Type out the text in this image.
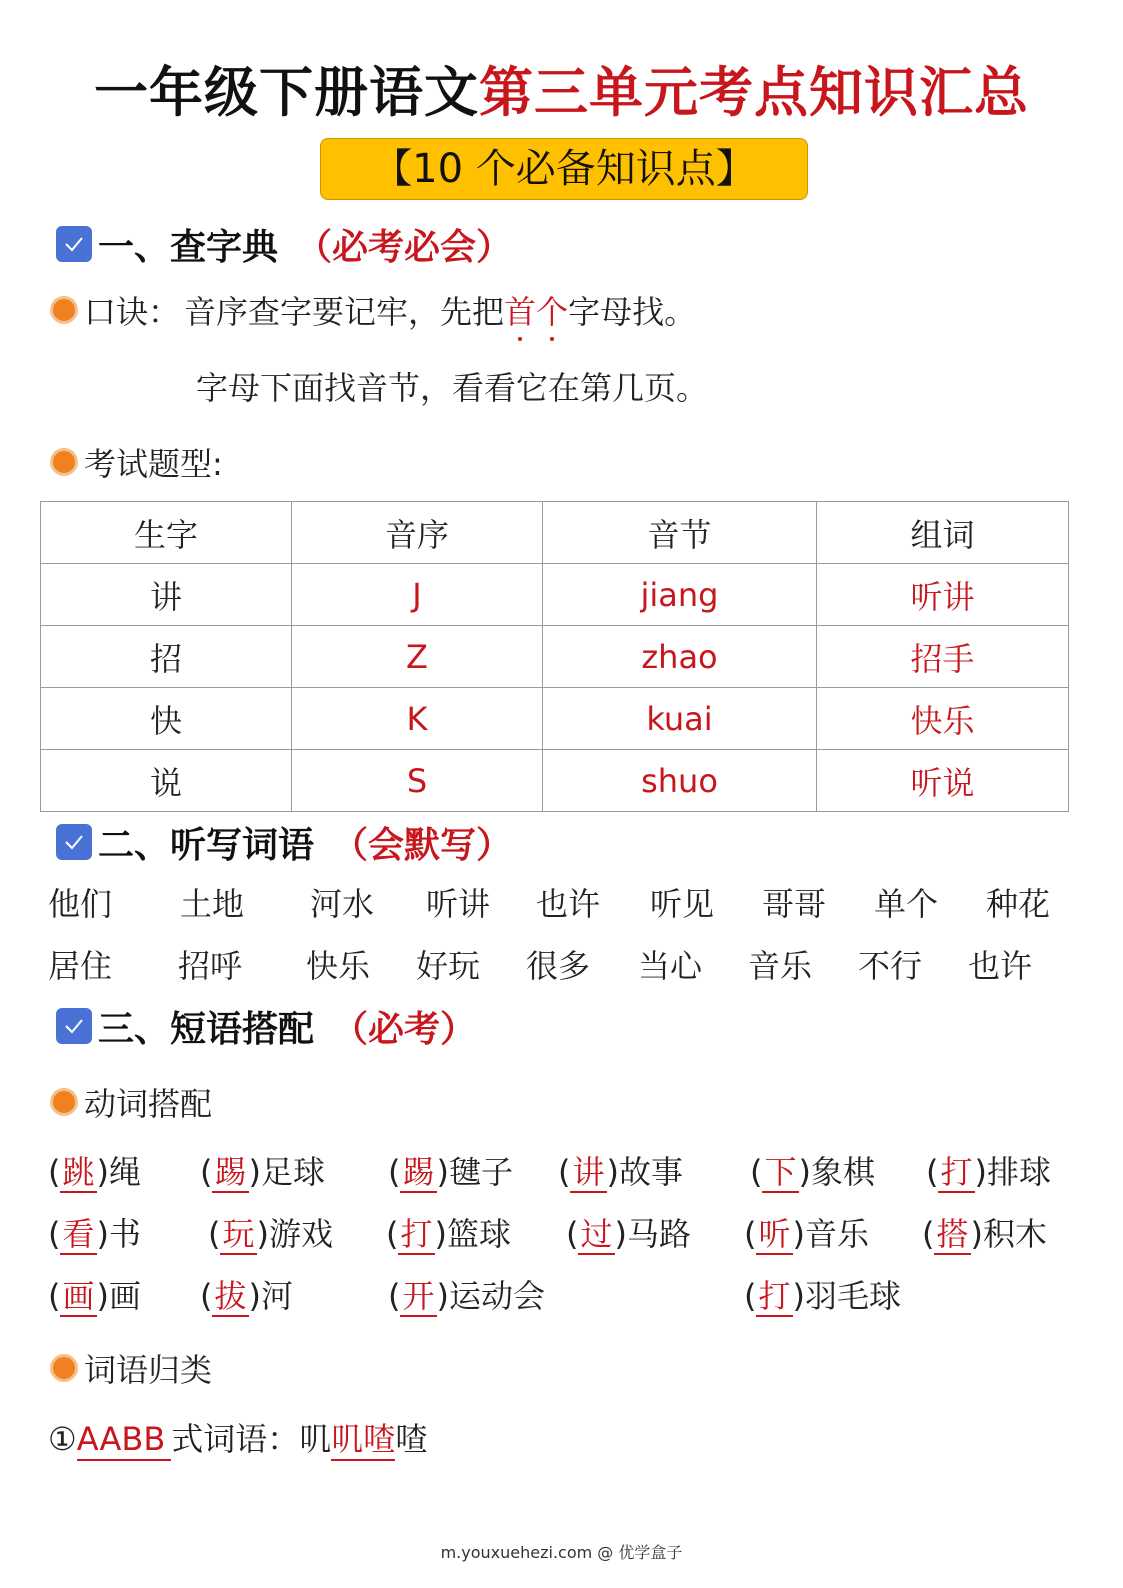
一年级下册语文第三单元考点知识汇总
【10 个必备知识点】
一、查字典 （必考必会）
口诀： 音序查字要记牢，先把 首 个 字母找。
字母下面找音节，看看它在第几页。
考试题型:
生字	音序	音节	组词
讲	J	jiang	听讲
招	Z	zhao	招手
快	K	kuai	快乐
说	S	shuo	听说
二、听写词语 （会默写）
他们 土地 河水 听讲 也许 听见 哥哥 单个 种花
居住 招呼 快乐 好玩 很多 当心 音乐 不行 也许
三、短语搭配 （必考）
动词搭配
(跳)绳 (踢)足球 (踢)毽子 (讲)故事 (下)象棋 (打)排球
(看)书 (玩)游戏 (打)篮球 (过)马路 (听)音乐 (搭)积木
(画)画 (拔)河	(开)运动会	(打)羽毛球
词语归类
①AABB 式词语：叽叽喳喳
m.youxuehezi.com @ 优学盒子
